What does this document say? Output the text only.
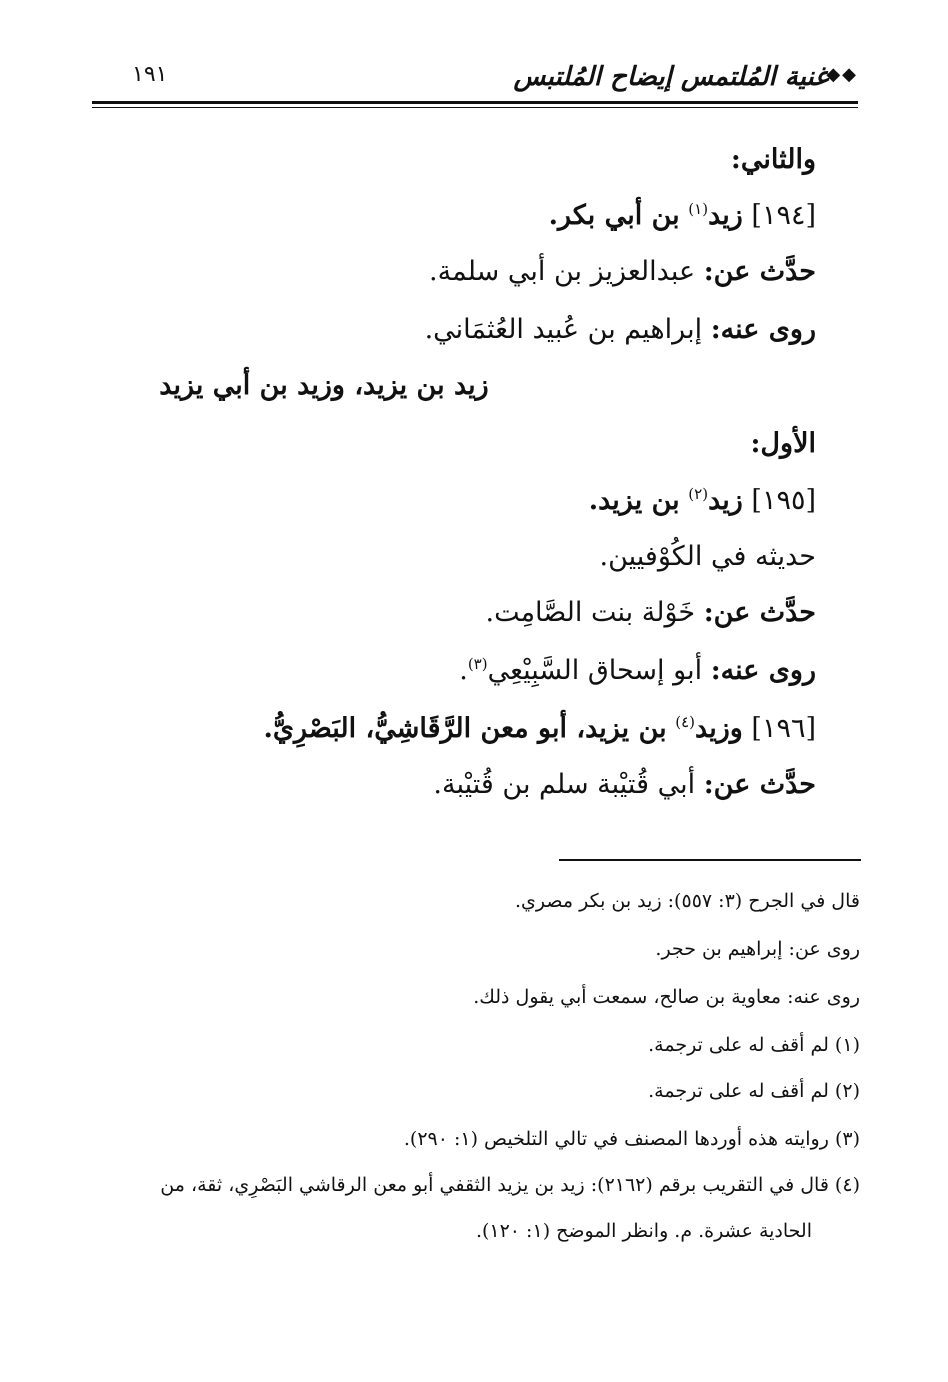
◆◆
غنية المُلتمس إيضاح المُلتبس
١٩١
والثاني:
[١٩٤] زيد$^{(١)}$ بن أبي بكر.
حدَّث عن: عبدالعزيز بن أبي سلمة.
روى عنه: إبراهيم بن عُبيد العُثمَاني.
زيد بن يزيد، وزيد بن أبي يزيد
الأول:
[١٩٥] زيد$^{(٢)}$ بن يزيد.
حديثه في الكُوْفيين.
حدَّث عن: خَوْلة بنت الصَّامِت.
روى عنه: أبو إسحاق السَّبِيْعِي$^{(٣)}$.
[١٩٦] وزيد$^{(٤)}$ بن يزيد، أبو معن الرَّقَاشِيُّ، البَصْرِيُّ.
حدَّث عن: أبي قُتيْبة سلم بن قُتيْبة.
قال في الجرح (٣: ٥٥٧): زيد بن بكر مصري.
روى عن: إبراهيم بن حجر.
روى عنه: معاوية بن صالح، سمعت أبي يقول ذلك.
(١) لم أقف له على ترجمة.
(٢) لم أقف له على ترجمة.
(٣) روايته هذه أوردها المصنف في تالي التلخيص (١: ٢٩٠).
(٤) قال في التقريب برقم (٢١٦٢): زيد بن يزيد الثقفي أبو معن الرقاشي البَصْرِي، ثقة، من
الحادية عشرة. م. وانظر الموضح (١: ١٢٠).
